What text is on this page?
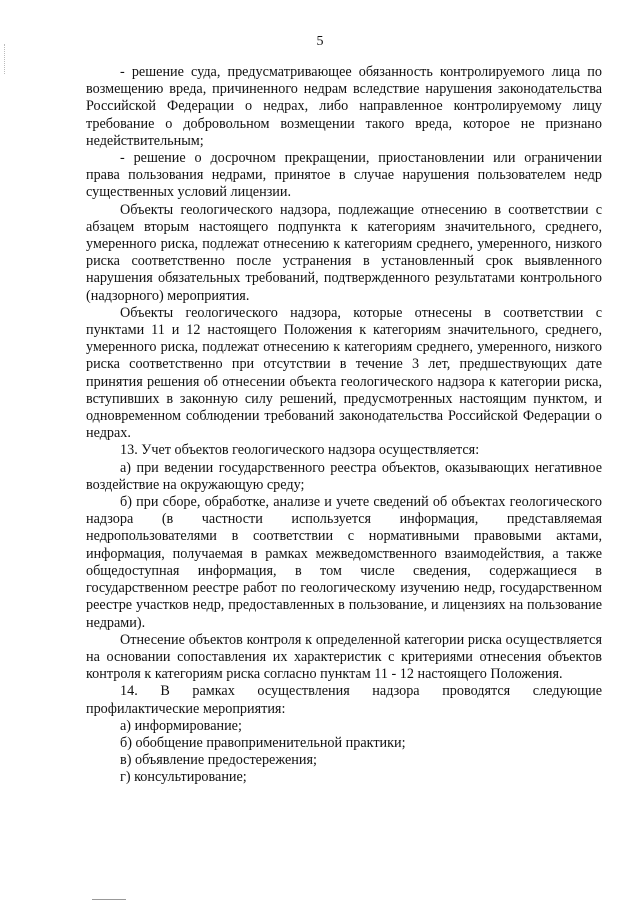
5

- решение суда, предусматривающее обязанность контролируемого лица по возмещению вреда, причиненного недрам вследствие нарушения законодательства Российской Федерации о недрах, либо направленное контролируемому лицу требование о добровольном возмещении такого вреда, которое не признано недействительным;

- решение о досрочном прекращении, приостановлении или ограничении права пользования недрами, принятое в случае нарушения пользователем недр существенных условий лицензии.

Объекты геологического надзора, подлежащие отнесению в соответствии с абзацем вторым настоящего подпункта к категориям значительного, среднего, умеренного риска, подлежат отнесению к категориям среднего, умеренного, низкого риска соответственно после устранения в установленный срок выявленного нарушения обязательных требований, подтвержденного результатами контрольного (надзорного) мероприятия.

Объекты геологического надзора, которые отнесены в соответствии с пунктами 11 и 12 настоящего Положения к категориям значительного, среднего, умеренного риска, подлежат отнесению к категориям среднего, умеренного, низкого риска соответственно при отсутствии в течение 3 лет, предшествующих дате принятия решения об отнесении объекта геологического надзора к категории риска, вступивших в законную силу решений, предусмотренных настоящим пунктом, и одновременном соблюдении требований законодательства Российской Федерации о недрах.

13. Учет объектов геологического надзора осуществляется:

а) при ведении государственного реестра объектов, оказывающих негативное воздействие на окружающую среду;

б) при сборе, обработке, анализе и учете сведений об объектах геологического надзора (в частности используется информация, представляемая недропользователями в соответствии с нормативными правовыми актами, информация, получаемая в рамках межведомственного взаимодействия, а также общедоступная информация, в том числе сведения, содержащиеся в государственном реестре работ по геологическому изучению недр, государственном реестре участков недр, предоставленных в пользование, и лицензиях на пользование недрами).

Отнесение объектов контроля к определенной категории риска осуществляется на основании сопоставления их характеристик с критериями отнесения объектов контроля к категориям риска согласно пунктам 11 - 12 настоящего Положения.

14. В рамках осуществления надзора проводятся следующие профилактические мероприятия:

а) информирование;

б) обобщение правоприменительной практики;

в) объявление предостережения;

г) консультирование;
